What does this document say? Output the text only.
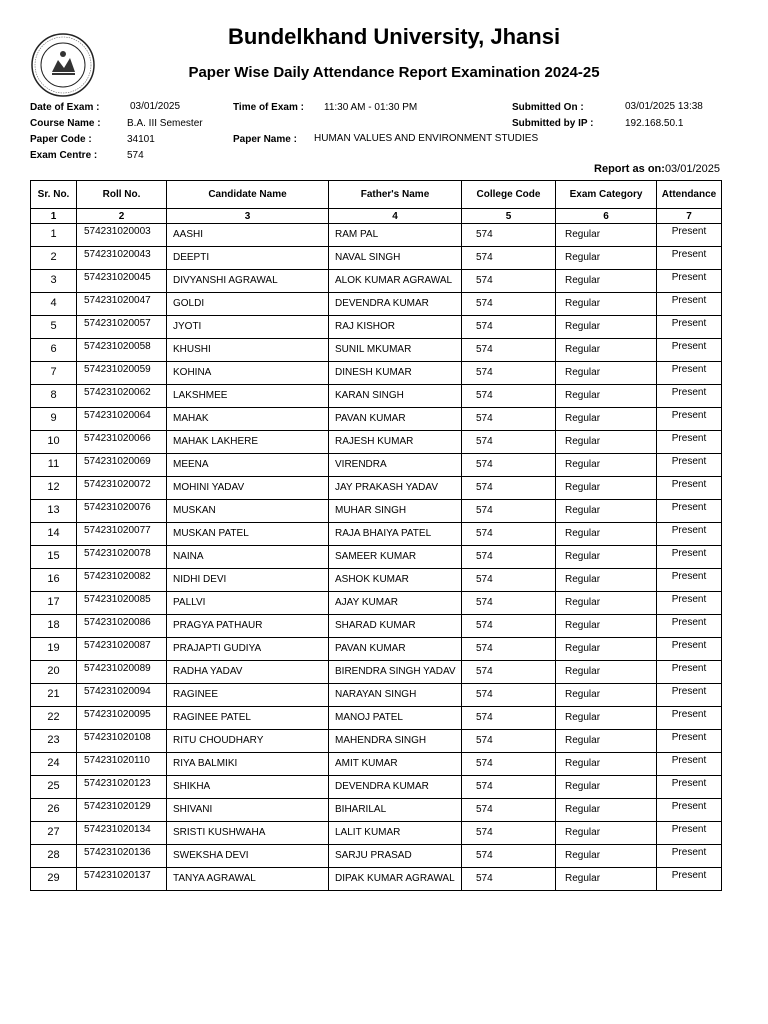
Bundelkhand University, Jhansi
Paper Wise Daily Attendance Report Examination 2024-25
Date of Exam :	03/01/2025
Course Name :	B.A. III Semester
Paper Code :	34101
Exam Centre :	574
Time of Exam : 11:30 AM - 01:30 PM
Paper Name : HUMAN VALUES AND ENVIRONMENT STUDIES
Submitted On :	03/01/2025 13:38
Submitted by IP :	192.168.50.1
Report as on:03/01/2025
Sr. No.	Roll No.	Candidate Name	Father's Name	College Code	Exam Category	Attendance
1	2	3	4	5	6	7
1	574231020003	AASHI	RAM PAL	574	Regular	Present
2	574231020043	DEEPTI	NAVAL SINGH	574	Regular	Present
3	574231020045	DIVYANSHI AGRAWAL	ALOK KUMAR AGRAWAL	574	Regular	Present
4	574231020047	GOLDI	DEVENDRA KUMAR	574	Regular	Present
5	574231020057	JYOTI	RAJ KISHOR	574	Regular	Present
6	574231020058	KHUSHI	SUNIL MKUMAR	574	Regular	Present
7	574231020059	KOHINA	DINESH KUMAR	574	Regular	Present
8	574231020062	LAKSHMEE	KARAN SINGH	574	Regular	Present
9	574231020064	MAHAK	PAVAN KUMAR	574	Regular	Present
10	574231020066	MAHAK LAKHERE	RAJESH KUMAR	574	Regular	Present
11	574231020069	MEENA	VIRENDRA	574	Regular	Present
12	574231020072	MOHINI YADAV	JAY PRAKASH YADAV	574	Regular	Present
13	574231020076	MUSKAN	MUHAR SINGH	574	Regular	Present
14	574231020077	MUSKAN PATEL	RAJA BHAIYA PATEL	574	Regular	Present
15	574231020078	NAINA	SAMEER KUMAR	574	Regular	Present
16	574231020082	NIDHI DEVI	ASHOK KUMAR	574	Regular	Present
17	574231020085	PALLVI	AJAY KUMAR	574	Regular	Present
18	574231020086	PRAGYA PATHAUR	SHARAD KUMAR	574	Regular	Present
19	574231020087	PRAJAPTI GUDIYA	PAVAN KUMAR	574	Regular	Present
20	574231020089	RADHA YADAV	BIRENDRA SINGH YADAV	574	Regular	Present
21	574231020094	RAGINEE	NARAYAN SINGH	574	Regular	Present
22	574231020095	RAGINEE PATEL	MANOJ PATEL	574	Regular	Present
23	574231020108	RITU CHOUDHARY	MAHENDRA SINGH	574	Regular	Present
24	574231020110	RIYA BALMIKI	AMIT KUMAR	574	Regular	Present
25	574231020123	SHIKHA	DEVENDRA KUMAR	574	Regular	Present
26	574231020129	SHIVANI	BIHARILAL	574	Regular	Present
27	574231020134	SRISTI KUSHWAHA	LALIT KUMAR	574	Regular	Present
28	574231020136	SWEKSHA DEVI	SARJU PRASAD	574	Regular	Present
29	574231020137	TANYA AGRAWAL	DIPAK KUMAR AGRAWAL	574	Regular	Present
